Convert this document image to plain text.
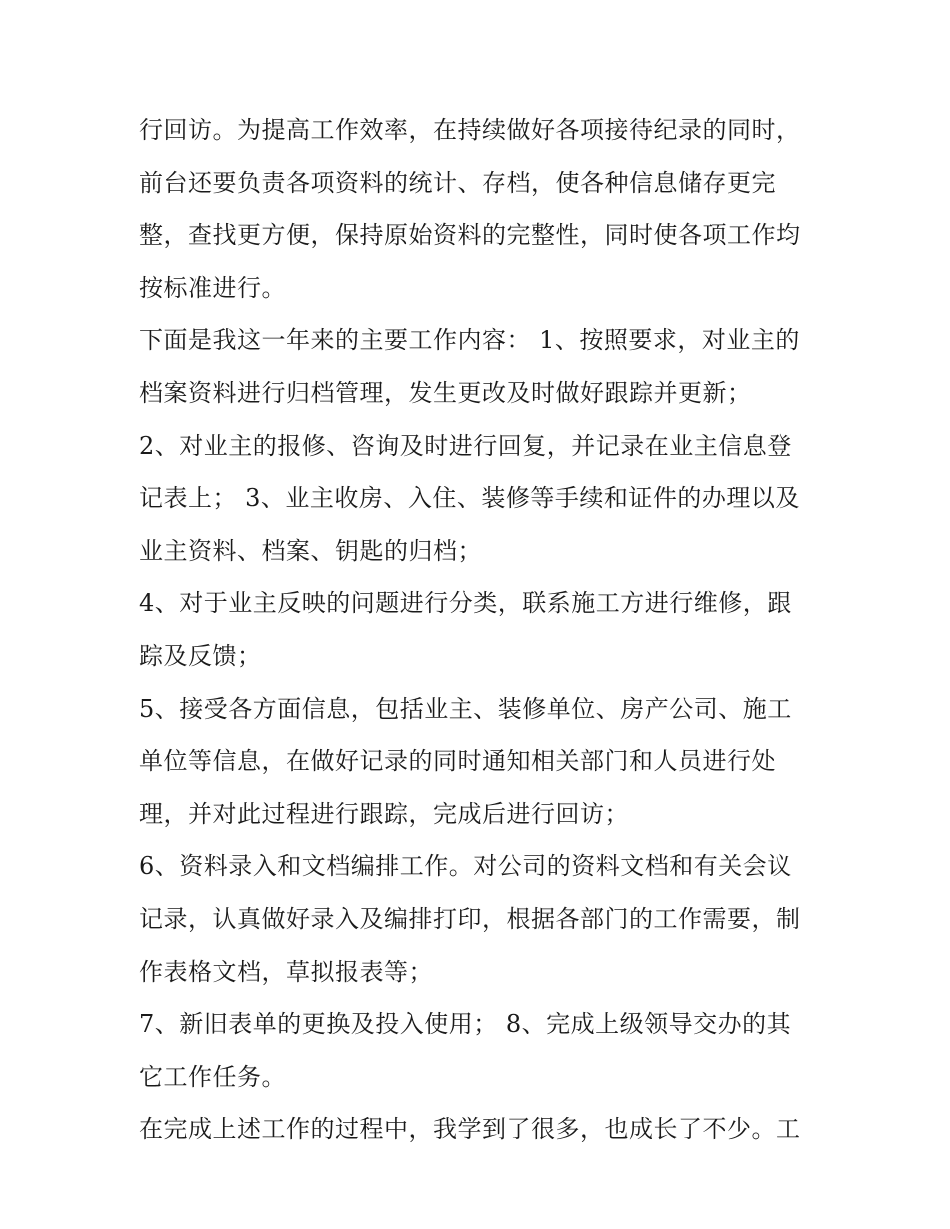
行回访。为提高工作效率，在持续做好各项接待纪录的同时，
前台还要负责各项资料的统计、存档，使各种信息储存更完
整，查找更方便，保持原始资料的完整性，同时使各项工作均
按标准进行。
下面是我这一年来的主要工作内容： 1、按照要求，对业主的
档案资料进行归档管理，发生更改及时做好跟踪并更新；
2、对业主的报修、咨询及时进行回复，并记录在业主信息登
记表上； 3、业主收房、入住、装修等手续和证件的办理以及
业主资料、档案、钥匙的归档；
4、对于业主反映的问题进行分类，联系施工方进行维修，跟
踪及反馈；
5、接受各方面信息，包括业主、装修单位、房产公司、施工
单位等信息，在做好记录的同时通知相关部门和人员进行处
理，并对此过程进行跟踪，完成后进行回访；
6、资料录入和文档编排工作。对公司的资料文档和有关会议
记录，认真做好录入及编排打印，根据各部门的工作需要，制
作表格文档，草拟报表等；
7、新旧表单的更换及投入使用； 8、完成上级领导交办的其
它工作任务。
在完成上述工作的过程中，我学到了很多，也成长了不少。工
